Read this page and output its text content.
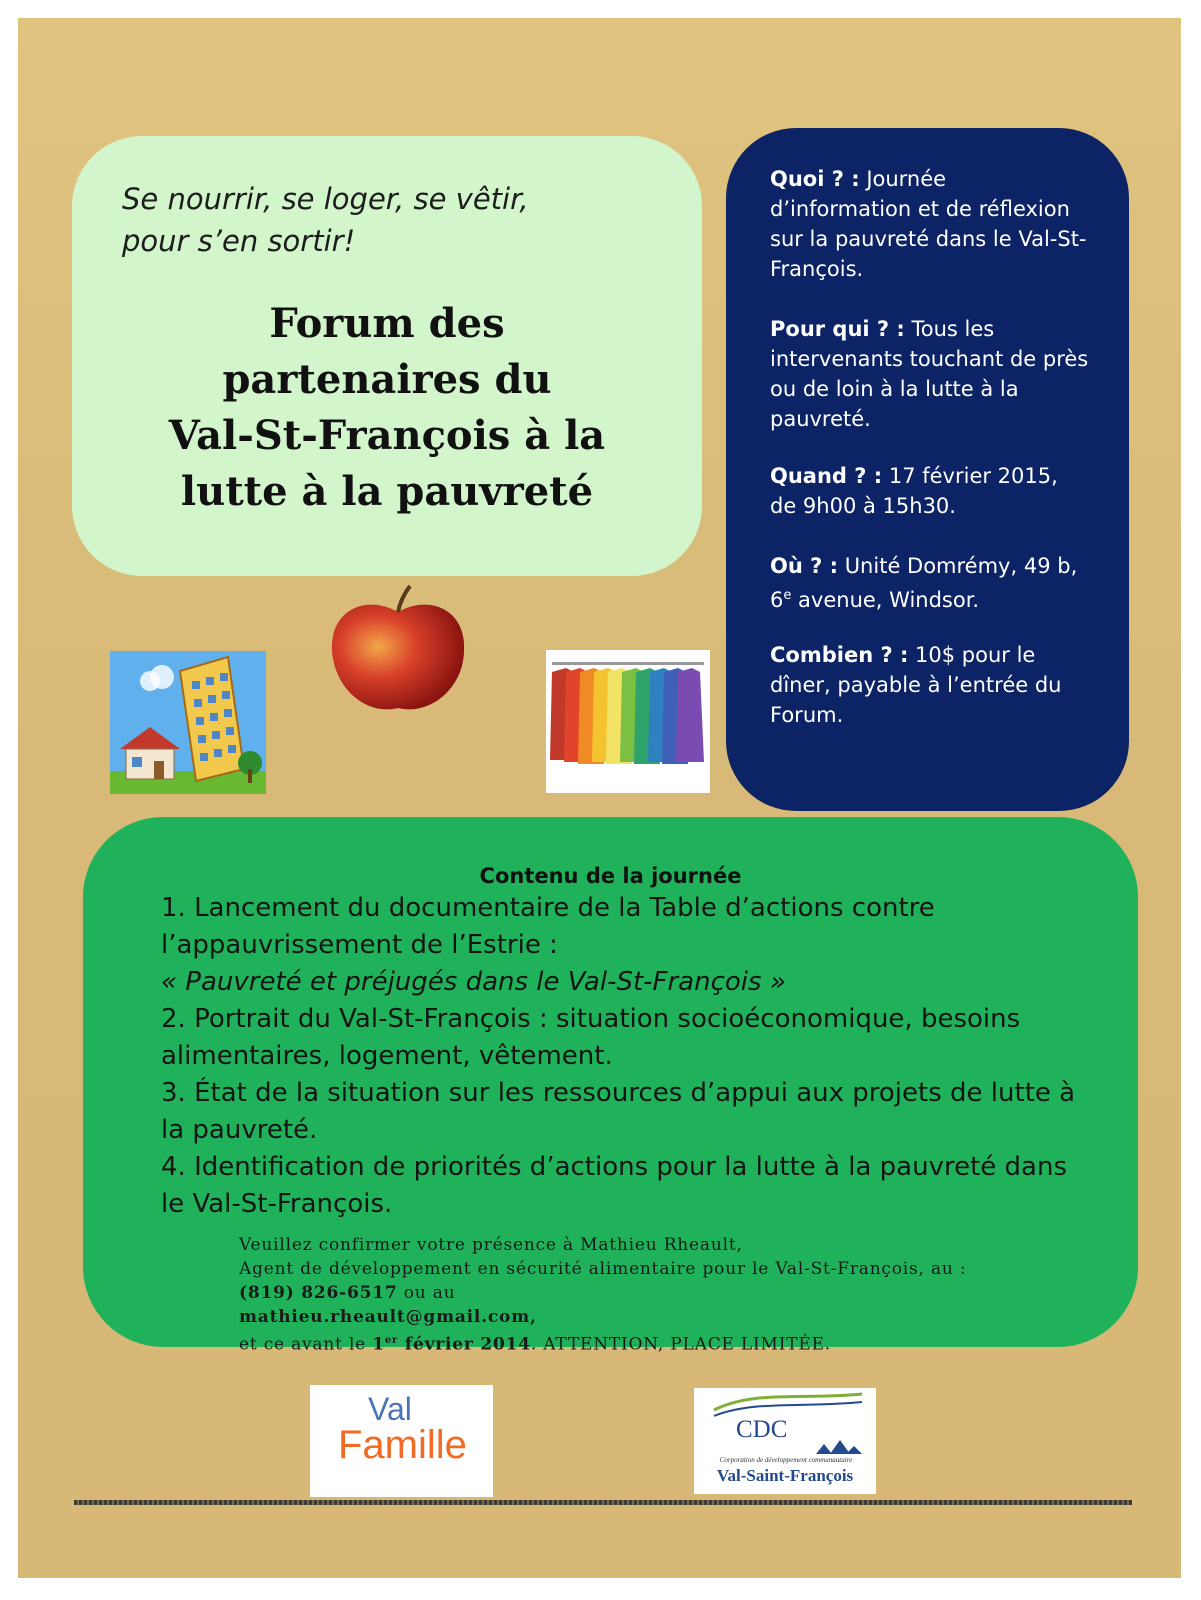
Se nourrir, se loger, se vêtir,
pour s’en sortir!
Forum des
partenaires du
Val-St-François à la
lutte à la pauvreté
Quoi ? : Journée d’information et de réflexion sur la pauvreté dans le Val-St-François.
Pour qui ? : Tous les intervenants touchant de près ou de loin à la lutte à la pauvreté.
Quand ? : 17 février 2015, de 9h00 à 15h30.
Où ? : Unité Domrémy, 49 b, 6e avenue, Windsor.
Combien ? : 10$ pour le dîner, payable à l’entrée du Forum.
Contenu de la journée
1. Lancement du documentaire de la Table d’actions contre l’appauvrissement de l’Estrie :
« Pauvreté et préjugés dans le Val-St-François »
2. Portrait du Val-St-François : situation socioéconomique, besoins alimentaires, logement, vêtement.
3. État de la situation sur les ressources d’appui aux projets de lutte à la pauvreté.
4. Identification de priorités d’actions pour la lutte à la pauvreté dans le Val-St-François.
Veuillez confirmer votre présence à Mathieu Rheault,
Agent de développement en sécurité alimentaire pour le Val-St-François, au :
(819) 826-6517 ou au
mathieu.rheault@gmail.com,
et ce avant le 1er février 2014. ATTENTION, PLACE LIMITÉE.
Val
Famille	CDC
Corporation de développement communautaire
Val-Saint-François
